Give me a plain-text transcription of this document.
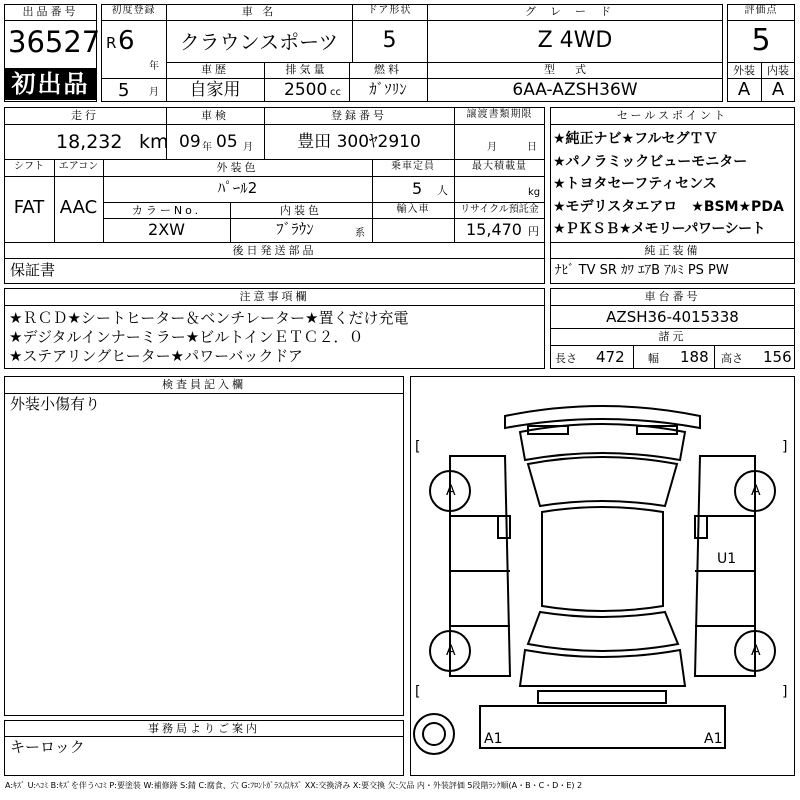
出品番号
36527
初出品
初度登録
R 6
年
5 月
車 名
クラウンスポーツ
ドア形状
5
グレード
Z 4WD
車歴
自家用
排気量
2500 cc
燃料
ｶﾞｿﾘﾝ
型式
6AA-AZSH36W
評価点
5
外装	内装
A	A
走行
18,232 km
車検
09 年 05 月
登録番号
豊田 300ﾔ2910
譲渡書類期限
月	日
シフト
FAT
エアコン
AAC
外装色
ﾊﾟｰﾙ2
乗車定員
5 人
最大積載量
kg
カラーNo.
2XW
内装色
ﾌﾞﾗｳﾝ	系
輸入車	リサイクル預託金
15,470 円
後日発送部品
保証書
セールスポイント
★純正ナビ★フルセグＴＶ
★パノラミックビューモニター
★トヨタセーフティセンス
★モデリスタエアロ　★BSM★PDA
★ＰＫＳＢ★メモリーパワーシート
純正装備
ﾅﾋﾞ TV SR ｶﾜ ｴｱB ｱﾙﾐ PS PW
注意事項欄
★ＲＣＤ★シートヒーター＆ベンチレーター★置くだけ充電
★デジタルインナーミラー★ビルトインＥＴＣ２．０
★ステアリングヒーター★パワーバックドア
車台番号
AZSH36-4015338
諸元
長さ 472 幅 188 高さ 156
検査員記入欄
外装小傷有り
事務局よりご案内
キーロック
[	]
[	]
A	A
A	A
U1
A1	A1
A:ｷｽﾞ U:ﾍｺﾐ B:ｷｽﾞを伴うﾍｺﾐ P:要塗装 W:補修跡 S:錆 C:腐食、穴 G:ﾌﾛﾝﾄｶﾞﾗｽ点ｷｽﾞ XX:交換済み X:要交換 欠:欠品 内・外装評価 5段階ﾗﾝｸ順(A・B・C・D・E) 2
